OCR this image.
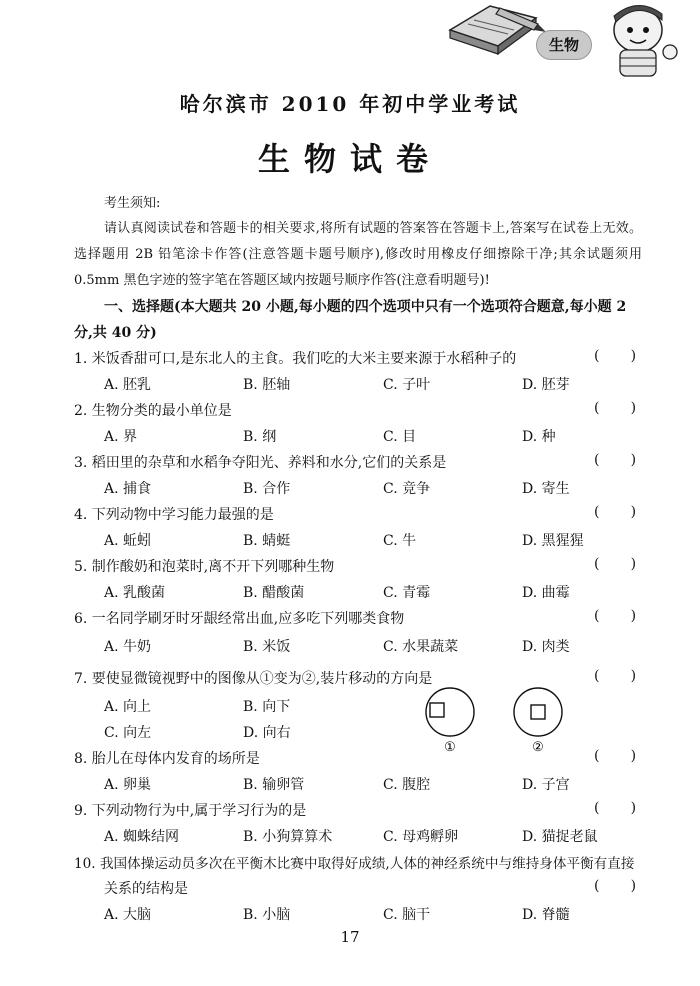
生物
哈尔滨市 2010 年初中学业考试
生物试卷
考生须知:
请认真阅读试卷和答题卡的相关要求,将所有试题的答案答在答题卡上,答案写在试卷上无效。选择题用 2B 铅笔涂卡作答(注意答题卡题号顺序),修改时用橡皮仔细擦除干净;其余试题须用 0.5mm 黑色字迹的签字笔在答题区域内按题号顺序作答(注意看明题号)!
一、选择题(本大题共 20 小题,每小题的四个选项中只有一个选项符合题意,每小题 2 分,共 40 分)
1. 米饭香甜可口,是东北人的主食。我们吃的大米主要来源于水稻种子的	(       )
A. 胚乳	B. 胚轴	C. 子叶	D. 胚芽
2. 生物分类的最小单位是	(       )
A. 界	B. 纲	C. 目	D. 种
3. 稻田里的杂草和水稻争夺阳光、养料和水分,它们的关系是	(       )
A. 捕食	B. 合作	C. 竞争	D. 寄生
4. 下列动物中学习能力最强的是	(       )
A. 蚯蚓	B. 蜻蜓	C. 牛	D. 黑猩猩
5. 制作酸奶和泡菜时,离不开下列哪种生物	(       )
A. 乳酸菌	B. 醋酸菌	C. 青霉	D. 曲霉
6. 一名同学刷牙时牙龈经常出血,应多吃下列哪类食物	(       )
A. 牛奶	B. 米饭	C. 水果蔬菜	D. 肉类
7. 要使显微镜视野中的图像从①变为②,装片移动的方向是	(       )
A. 向上	B. 向下
C. 向左	D. 向右
①	②
8. 胎儿在母体内发育的场所是	(       )
A. 卵巢	B. 输卵管	C. 腹腔	D. 子宫
9. 下列动物行为中,属于学习行为的是	(       )
A. 蜘蛛结网	B. 小狗算算术	C. 母鸡孵卵	D. 猫捉老鼠
10. 我国体操运动员多次在平衡木比赛中取得好成绩,人体的神经系统中与维持身体平衡有直接
关系的结构是	(       )
A. 大脑	B. 小脑	C. 脑干	D. 脊髓
17
